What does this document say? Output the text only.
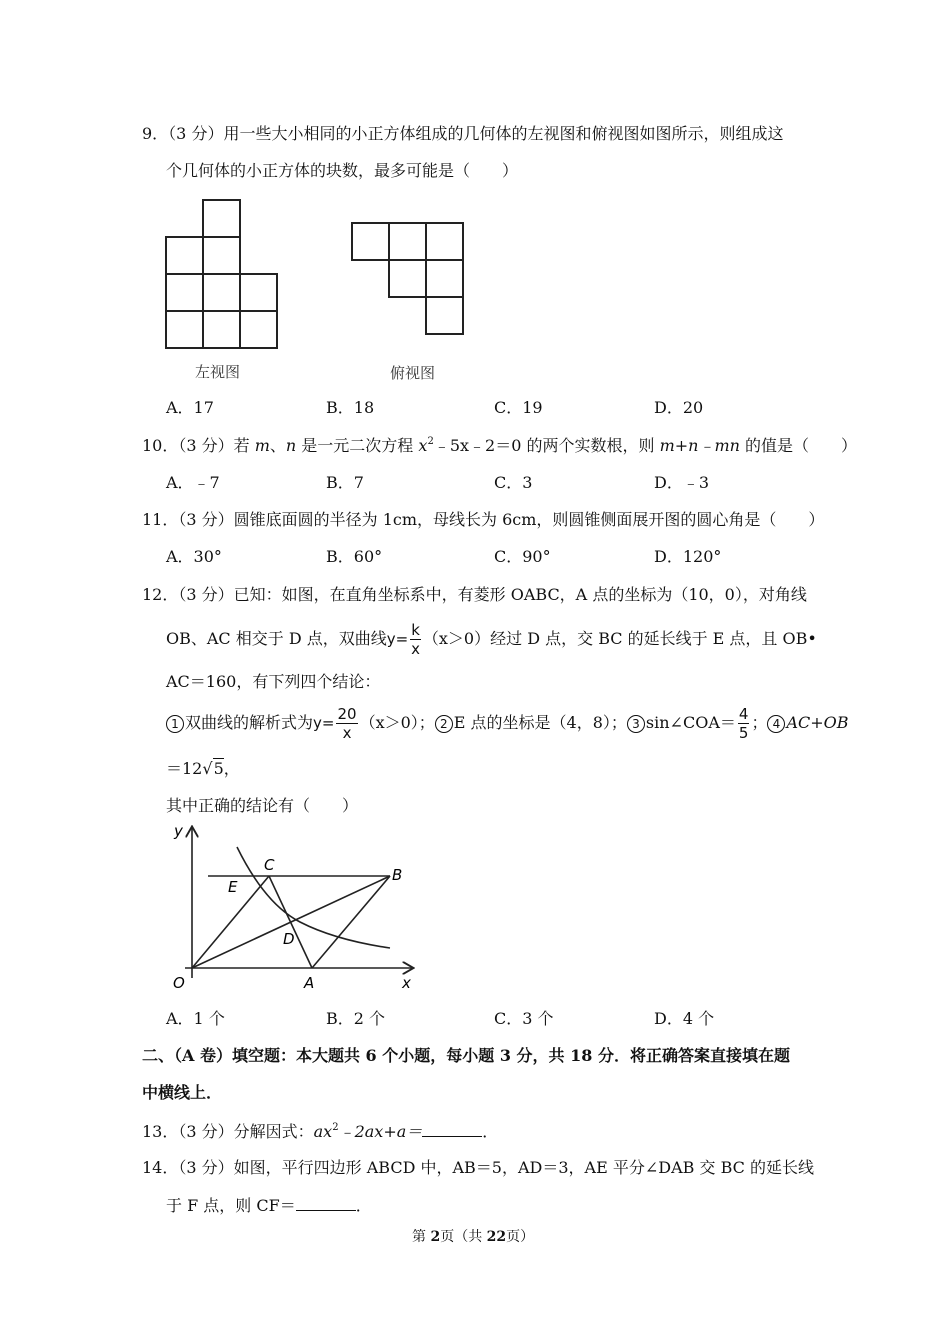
9．（3 分）用一些大小相同的小正方体组成的几何体的左视图和俯视图如图所示，则组成这
个几何体的小正方体的块数，最多可能是（　　）
左视图	俯视图
A．17	B．18	C．19	D．20
10．（3 分）若 m、n 是一元二次方程 $x^2﹣5x﹣2=0$ 的两个实数根，则 m+n﹣mn 的值是（　　）
A．﹣7	B．7	C．3	D．﹣3
11．（3 分）圆锥底面圆的半径为 1cm，母线长为 6cm，则圆锥侧面展开图的圆心角是（　　）
A．30°	B．60°	C．90°	D．120°
12．（3 分）已知：如图，在直角坐标系中，有菱形 OABC，A 点的坐标为（10，0），对角线
OB、AC 相交于 D 点，双曲线$y= \frac{k}{x} (x>0)$经过 D 点，交 BC 的延长线于 E 点，且 OB•
AC＝160，有下列四个结论：
1 双曲线的解析式为$y= \frac{20}{x} (x>0)$； 2 E 点的坐标是（4，8）； 3 sin∠COA＝ $\frac{4}{5}$ ； 4 AC+OB
＝12√5，
其中正确的结论有（　　）
y
x
O	A
B
C
D
E
A．1 个	B．2 个	C．3 个	D．4 个
二、（A 卷）填空题：本大题共 6 个小题，每小题 3 分，共 18 分．将正确答案直接填在题
中横线上．
13．（3 分）分解因式：$ax^2﹣2ax+a=$	．
14．（3 分）如图，平行四边形 ABCD 中，AB＝5，AD＝3，AE 平分∠DAB 交 BC 的延长线
于 F 点，则 CF＝	．
第 2页（共 22页）
